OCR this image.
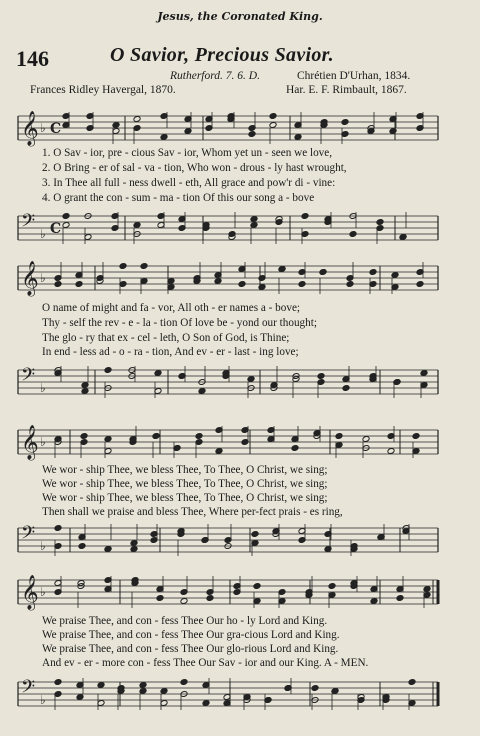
Jesus, the Coronated King.
146	O Savior, Precious Savior.
Rutherford. 7. 6. D.	Chrétien D'Urhan, 1834.
Frances Ridley Havergal, 1870.	Har. E. F. Rimbault, 1867.
𝄞 ♭ C
1. O Sav - ior, pre - cious Sav - ior, Whom yet un - seen we love,
2. O Bring - er of sal - va - tion, Who won - drous - ly hast wrought,
3. In Thee all full - ness dwell - eth, All grace and pow'r di - vine:
4. O grant the con - sum - ma - tion Of this our song a - bove
𝄢 ♭ C
𝄞 ♭
O name of might and fa - vor, All oth - er names a - bove;
Thy - self the rev - e - la - tion Of love be - yond our thought;
The glo - ry that ex - cel - leth, O Son of God, is Thine;
In end - less ad - o - ra - tion, And ev - er - last - ing love;
𝄢 ♭
𝄞 ♭
We wor - ship Thee, we bless Thee, To Thee, O Christ, we sing;
We wor - ship Thee, we bless Thee, To Thee, O Christ, we sing;
We wor - ship Thee, we bless Thee, To Thee, O Christ, we sing;
Then shall we praise and bless Thee, Where per-fect prais - es ring,
𝄢 ♭
𝄞 ♭
We praise Thee, and con - fess Thee Our ho - ly Lord and King.
We praise Thee, and con - fess Thee Our gra-cious Lord and King.
We praise Thee, and con - fess Thee Our glo-rious Lord and King.
And ev - er - more con - fess Thee Our Sav - ior and our King. A - MEN.
𝄢 ♭
